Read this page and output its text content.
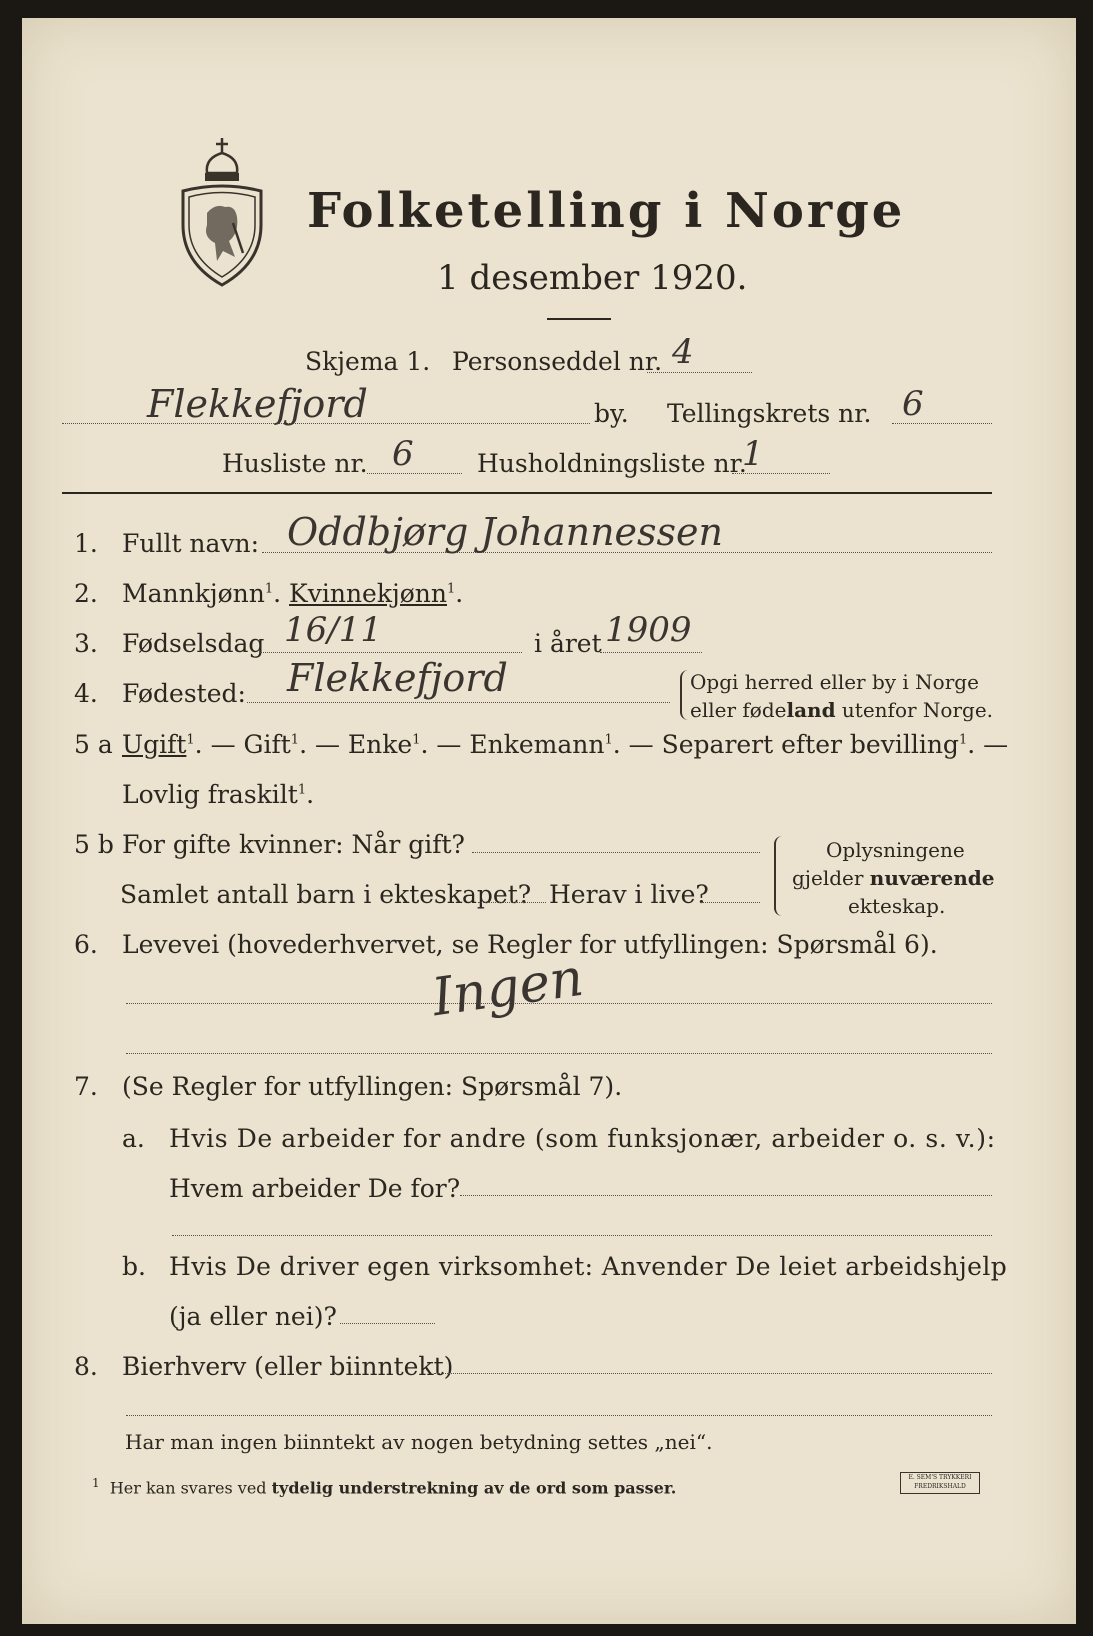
Folketelling i Norge
1 desember 1920.
Skjema 1. Personseddel nr. 4
Flekkefjord	by. Tellingskrets nr. 6
Husliste nr. 6	Husholdningsliste nr.
1
1. Fullt navn: Oddbjørg Johannessen
2. Mannkjønn$^1$. Kvinnekjønn$^1$.
3. Fødselsdag 16/11	i året 1909
4. Fødested: Flekkefjord	Opgi herred eller by i Norge
eller fødeland utenfor Norge.
5 a Ugift$^1$. — Gift$^1$. — Enke$^1$. — Enkemann$^1$. — Separert efter bevilling$^1$. —
Lovlig fraskilt$^1$.
5 b For gifte kvinner: Når gift?
Samlet antall barn i ekteskapet? Herav i live?
Oplysningene
gjelder nuværende
ekteskap.
6. Levevei (hovederhvervet, se Regler for utfyllingen: Spørsmål 6).
Ingen
7. (Se Regler for utfyllingen: Spørsmål 7).
a. Hvis De arbeider for andre (som funksjonær, arbeider o. s. v.):
Hvem arbeider De for?
b. Hvis De driver egen virksomhet: Anvender De leiet arbeidshjelp
(ja eller nei)?
8. Bierhverv (eller biinntekt)
Har man ingen biinntekt av nogen betydning settes „nei“.
$^1$ Her kan svares ved tydelig understrekning av de ord som passer.
E. SEM'S TRYKKERI
FREDRIKSHALD
